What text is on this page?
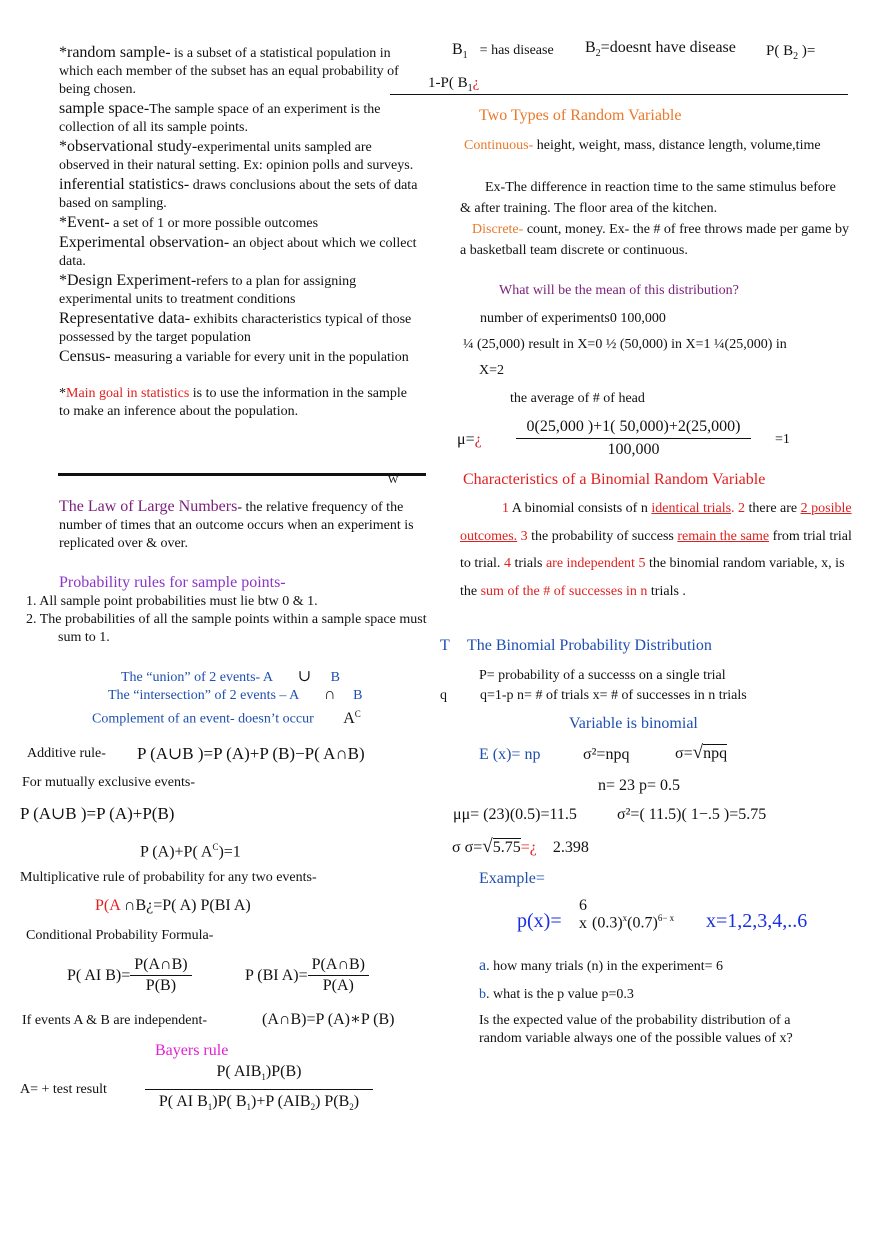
$B_1$ = has disease $B_2=doesnt$ have disease P( $B_2$ )=
1-P( $B_1¿$
*random sample- is a subset of a statistical population in which each member of the subset has an equal probability of being chosen.
sample space-The sample space of an experiment is the collection of all its sample points.
*observational study-experimental units sampled are observed in their natural setting. Ex: opinion polls and surveys.
inferential statistics- draws conclusions about the sets of data based on sampling.
*Event- a set of 1 or more possible outcomes
Experimental observation- an object about which we collect data.
*Design Experiment-refers to a plan for assigning experimental units to treatment conditions
Representative data- exhibits characteristics typical of those possessed by the target population
Census- measuring a variable for every unit in the population
*Main goal in statistics is to use the information in the sample to make an inference about the population.
W
The Law of Large Numbers- the relative frequency of the number of times that an outcome occurs when an experiment is replicated over & over.
Probability rules for sample points-
1. All sample point probabilities must lie btw 0 & 1.
2. The probabilities of all the sample points within a sample space must sum to 1.
The “union” of 2 events- A ∪ B
The “intersection” of 2 events – A ∩ B
Complement of an event- doesn’t occur $A^C$
Additive rule- P (A∪B )=P (A)+P (B)−P( A∩B)
For mutually exclusive events-
P (A∪B )=P (A)+P(B)
P (A)+P( $A^C)=1$
Multiplicative rule of probability for any two events-
P(A ∩B¿=P( A) P(BI A)
Conditional Probability Formula-
P( AI $B)= \frac{P(A\cap B)}{P(B)}$	P (BI $A)= \frac{P(A\cap B)}{P(A)}$
If events A & B are independent-	(A∩B)=P (A)∗P (B)
Bayers rule
A= + test result
P( $AIB_1)P(B)$
P( AI $B_1)P$( $B_1)+P$ $(AIB_2)$ $P(B_2)$
Two Types of Random Variable
Continuous- height, weight, mass, distance length, volume,time
Ex-The difference in reaction time to the same stimulus before & after training. The floor area of the kitchen.
Discrete- count, money. Ex- the # of free throws made per game by a basketball team discrete or continuous.
What will be the mean of this distribution?
number of experiments0 100,000
¼ (25,000) result in X=0 ½ (50,000) in X=1 ¼(25,000) in
X=2
the average of # of head
μ=¿
0(25,000 )+1( 50,000)+2(25,000)
100,000
=1
Characteristics of a Binomial Random Variable
1 A binomial consists of n identical trials. 2 there are 2 posible outcomes. 3 the probability of success remain the same from trial trial to trial. 4 trials are independent 5 the binomial random variable, x, is the sum of the # of successes in n trials .
T The Binomial Probability Distribution
P= probability of a successs on a single trial
q q=1-p n= # of trials x= # of successes in n trials
Variable is binomial
E (x)= np	σ²=npq	σ=√npq
n= 23 p= 0.5
μμ= (23)(0.5)=11.5	σ²=( 11.5)( 1−.5 )=5.75
σ σ=√5.75=¿ 2.398
Example=
p(x)=
6
x $(0.3)^x(0.7)^{6- x}$ x=1,2,3,4,..6
a. how many trials (n) in the experiment= 6
b. what is the p value p=0.3
Is the expected value of the probability distribution of a random variable always one of the possible values of x?
